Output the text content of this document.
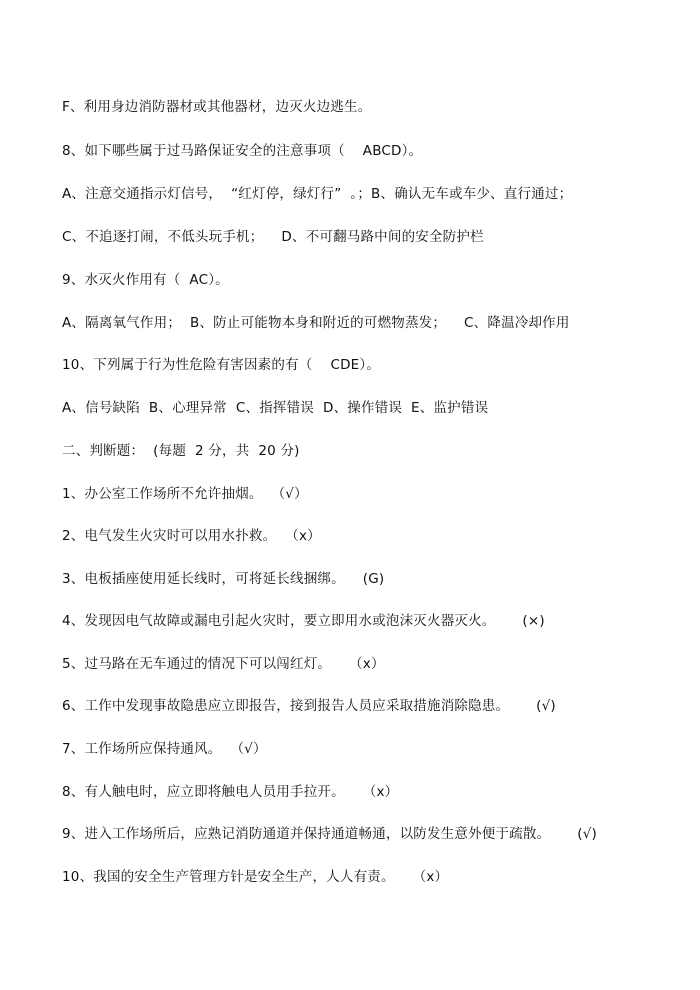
F、利用身边消防器材或其他器材，边灭火边逃生。
8、如下哪些属于过马路保证安全的注意事项（    ABCD）。
A、注意交通指示灯信号，  “红灯停，绿灯行”  。；B、确认无车或车少、直行通过；
C、不追逐打闹，不低头玩手机；    D、不可翻马路中间的安全防护栏
9、水灭火作用有（  AC）。
A、隔离氧气作用；  B、防止可能物本身和附近的可燃物蒸发；    C、降温冷却作用
10、下列属于行为性危险有害因素的有（    CDE）。
A、信号缺陷  B、心理异常  C、指挥错误  D、操作错误  E、监护错误
二、判断题：  (每题  2 分，共  20 分)
1、办公室工作场所不允许抽烟。  （√）
2、电气发生火灾时可以用水扑救。  （x）
3、电板插座使用延长线时，可将延长线捆绑。    (G)
4、发现因电气故障或漏电引起火灾时，要立即用水或泡沫灭火器灭火。      (×)
5、过马路在无车通过的情况下可以闯红灯。    （x）
6、工作中发现事故隐患应立即报告，接到报告人员应采取措施消除隐患。      (√)
7、工作场所应保持通风。  （√）
8、有人触电时，应立即将触电人员用手拉开。    （x）
9、进入工作场所后，应熟记消防通道并保持通道畅通，以防发生意外便于疏散。      (√)
10、我国的安全生产管理方针是安全生产，人人有责。    （x）
